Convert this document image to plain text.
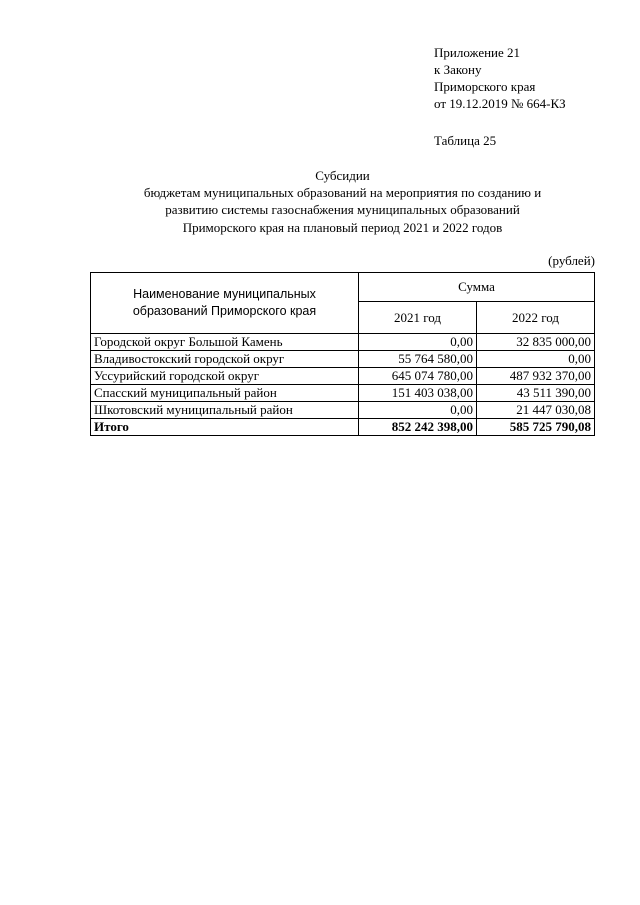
Приложение 21
к Закону
Приморского края
от 19.12.2019 № 664-КЗ
Таблица 25
Субсидии
бюджетам муниципальных образований на мероприятия по созданию и
развитию системы газоснабжения муниципальных образований
Приморского края на плановый период 2021 и 2022 годов
(рублей)
Наименование муниципальных
образований Приморского края	Сумма	
	2021 год	2022 год
Городской округ Большой Камень	0,00	32 835 000,00
Владивостокский городской округ	55 764 580,00	0,00
Уссурийский городской округ	645 074 780,00	487 932 370,00
Спасский муниципальный район	151 403 038,00	43 511 390,00
Шкотовский муниципальный район	0,00	21 447 030,08
Итого	852 242 398,00	585 725 790,08
